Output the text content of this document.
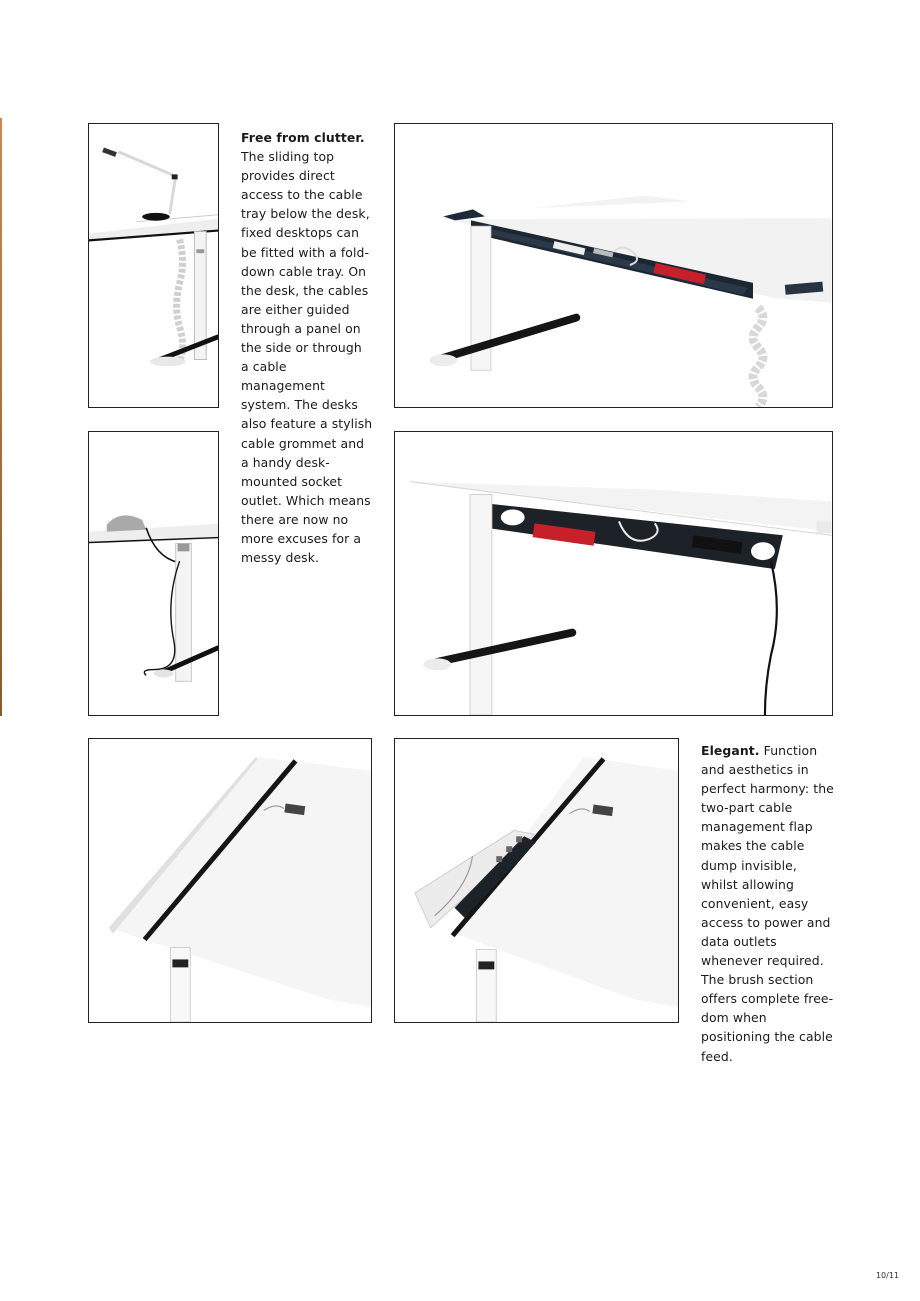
Free from clutter. The sliding top provides direct access to the cable tray below the desk, fixed desktops can be fitted with a fold-down cable tray. On the desk, the cables are either guided through a panel on the side or through a cable management system. The desks also feature a stylish cable grommet and a handy desk-mounted socket outlet. Which means there are now no more excuses for a messy desk.

Elegant. Function and aesthetics in perfect harmony: the two-part cable management flap makes the cable dump invisible, whilst allowing convenient, easy access to power and data outlets whenever required. The brush section offers complete free-dom when positioning the cable feed.

10/11
